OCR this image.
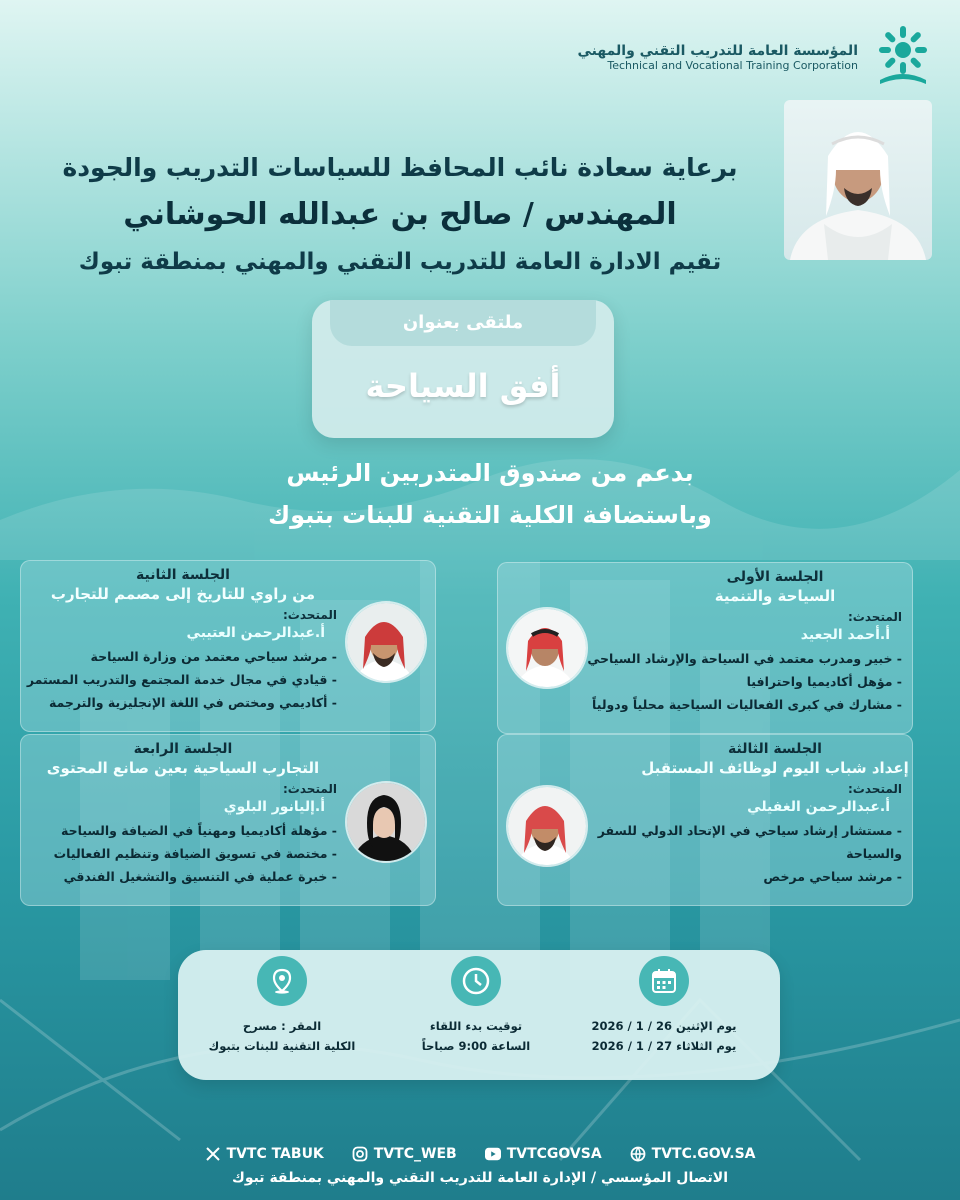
المؤسسة العامة للتدريب التقني والمهني
Technical and Vocational Training Corporation
برعاية سعادة نائب المحافظ للسياسات التدريب والجودة
المهندس / صالح بن عبدالله الحوشاني
تقيم الادارة العامة للتدريب التقني والمهني بمنطقة تبوك
ملتقى بعنوان
أفق السياحة
بدعم من صندوق المتدربين الرئيس
وباستضافة الكلية التقنية للبنات بتبوك
الجلسة الأولى
السياحة والتنمية
المتحدث:
أ.أحمد الجعيد
- خبير ومدرب معتمد في السياحة والإرشاد السياحي
- مؤهل أكاديميا واحترافيا
- مشارك في كبرى الفعاليات السياحية محلياً ودولياً
الجلسة الثانية
من راوي للتاريخ إلى مصمم للتجارب
المتحدث:
أ.عبدالرحمن العتيبي
- مرشد سياحي معتمد من وزارة السياحة
- قيادي في مجال خدمة المجتمع والتدريب المستمر
- أكاديمي ومختص في اللغة الإنجليزية والترجمة
الجلسة الثالثة
إعداد شباب اليوم لوظائف المستقبل
المتحدث:
أ.عبدالرحمن الغفيلي
- مستشار إرشاد سياحي في الإتحاد الدولي للسفر والسياحة
- مرشد سياحي مرخص
الجلسة الرابعة
التجارب السياحية بعين صانع المحتوى
المتحدث:
أ.إليانور البلوي
- مؤهلة أكاديميا ومهنياً في الضيافة والسياحة
- مختصة في تسويق الضيافة وتنظيم الفعاليات
- خبرة عملية في التنسيق والتشغيل الفندقي
يوم الإثنين 26 / 1 / 2026
يوم الثلاثاء 27 / 1 / 2026
توقيت بدء اللقاء
الساعة 9:00 صباحاً
المقر : مسرح
الكلية التقنية للبنات بتبوك
TVTC TABUK	TVTC_WEB	TVTCGOVSA	TVTC.GOV.SA
الاتصال المؤسسي / الإدارة العامة للتدريب التقني والمهني بمنطقة تبوك
